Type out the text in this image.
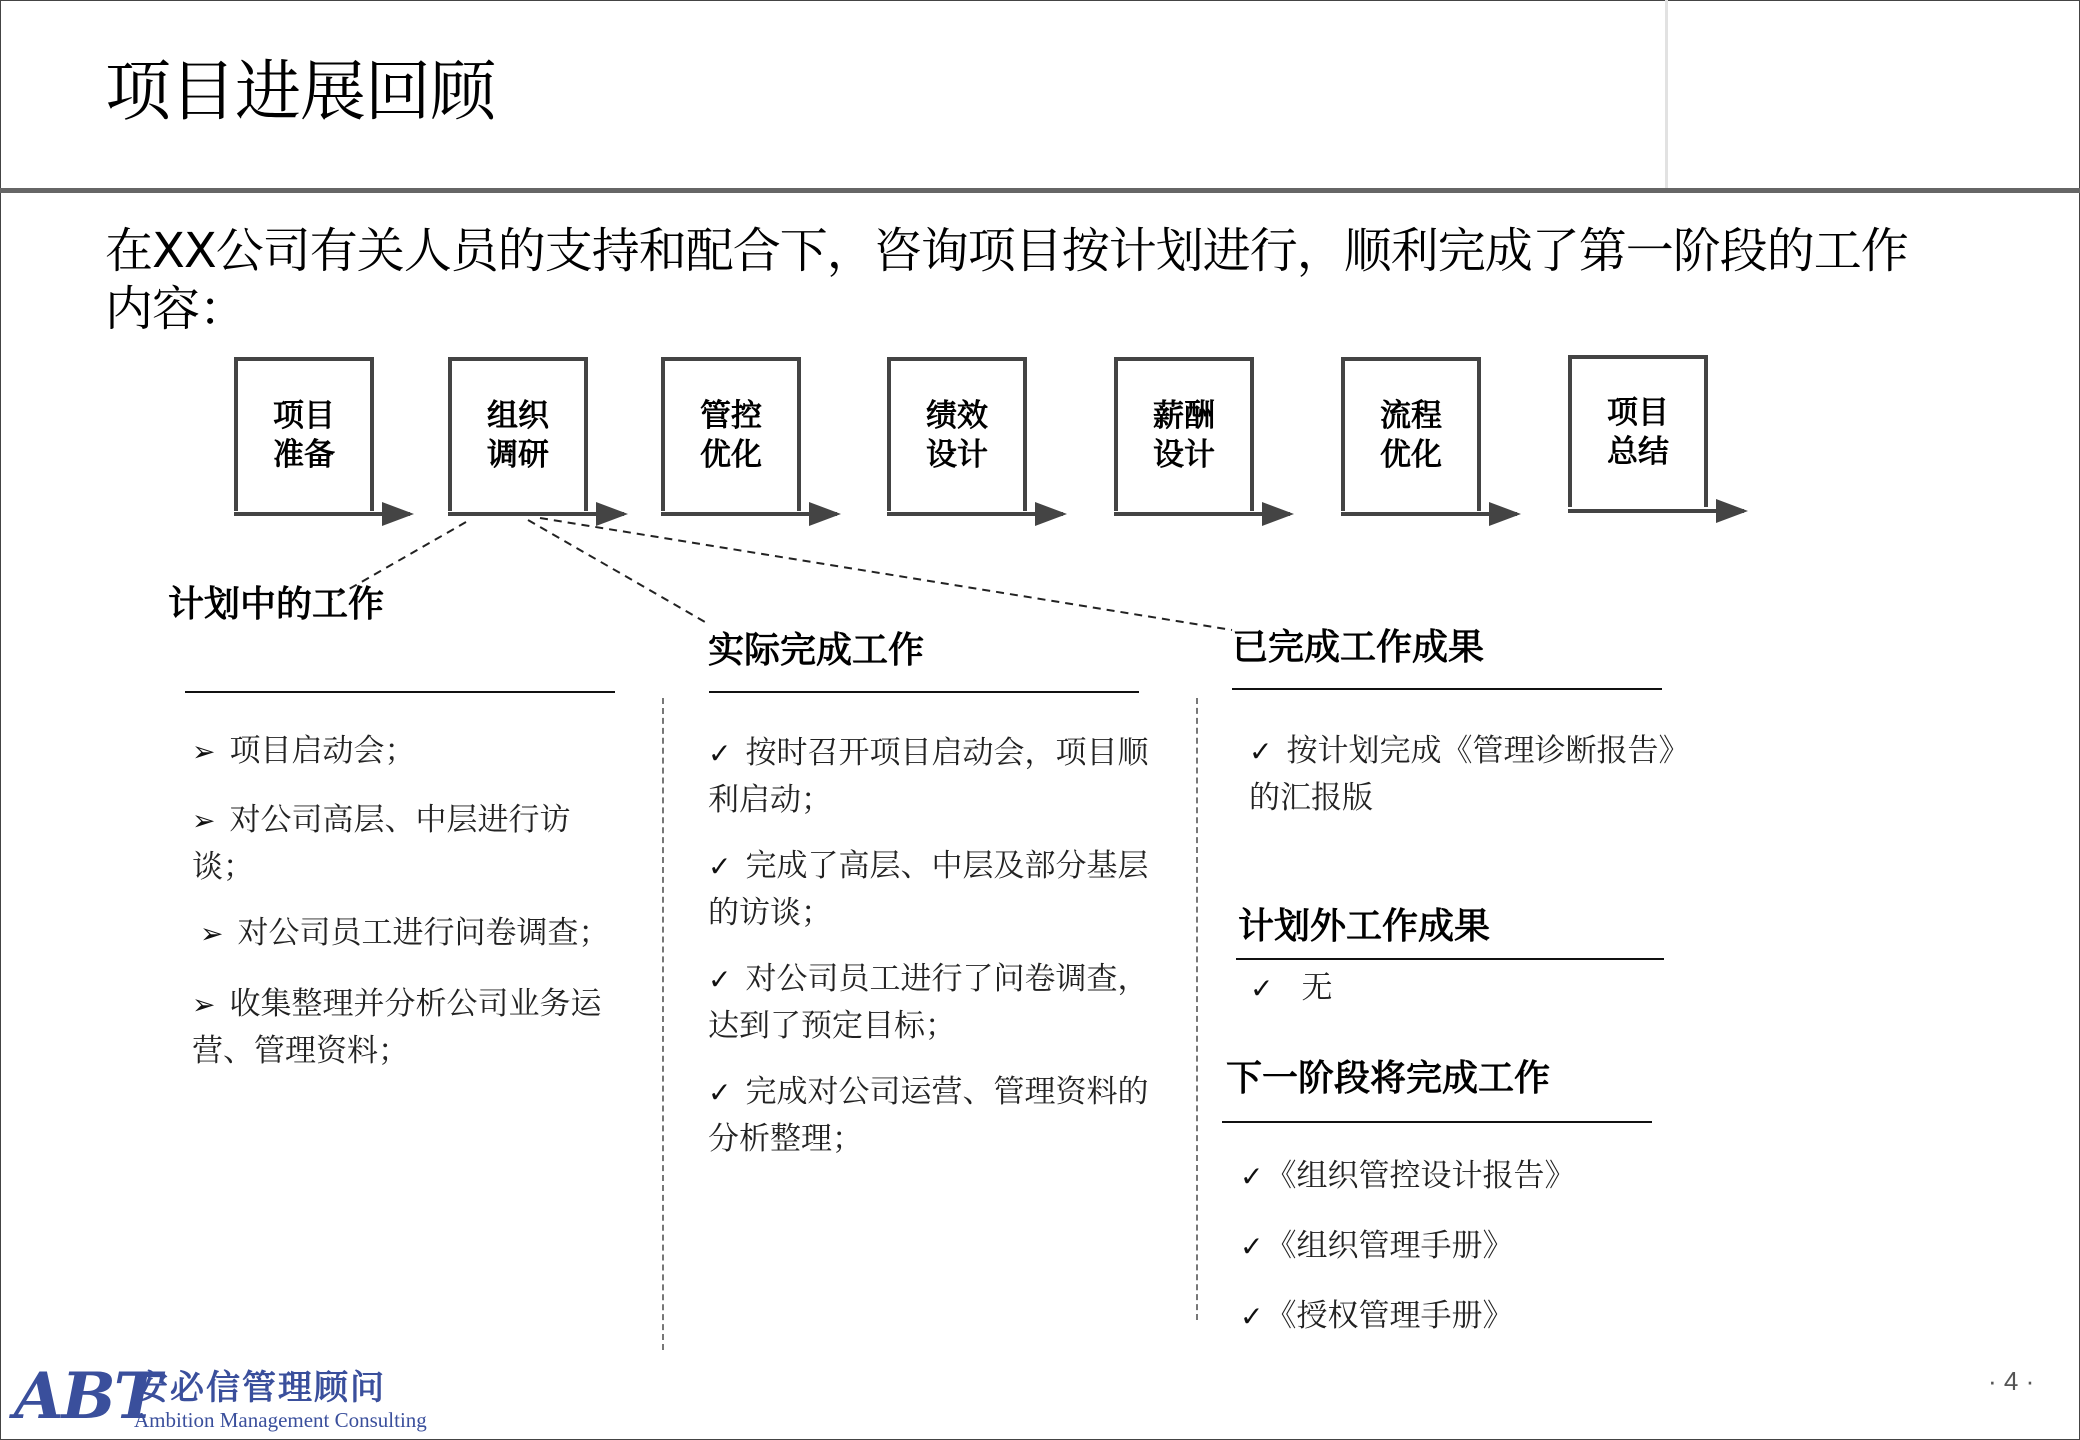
项目进展回顾
在XX公司有关人员的支持和配合下，咨询项目按计划进行，顺利完成了第一阶段的工作内容：
项目
准备
组织
调研
管控
优化
绩效
设计
薪酬
设计
流程
优化
项目
总结
计划中的工作
➢ 项目启动会；
➢ 对公司高层、中层进行访谈；
➢ 对公司员工进行问卷调查；
➢ 收集整理并分析公司业务运营、管理资料；
实际完成工作
✓ 按时召开项目启动会，项目顺利启动；
✓ 完成了高层、中层及部分基层的访谈；
✓ 对公司员工进行了问卷调查，达到了预定目标；
✓ 完成对公司运营、管理资料的分析整理；
已完成工作成果
✓ 按计划完成《管理诊断报告》的汇报版
计划外工作成果
✓ 无
下一阶段将完成工作
✓《组织管控设计报告》
✓《组织管理手册》
✓《授权管理手册》
ABT
安必信管理顾问
Ambition Management Consulting
· 4 ·
